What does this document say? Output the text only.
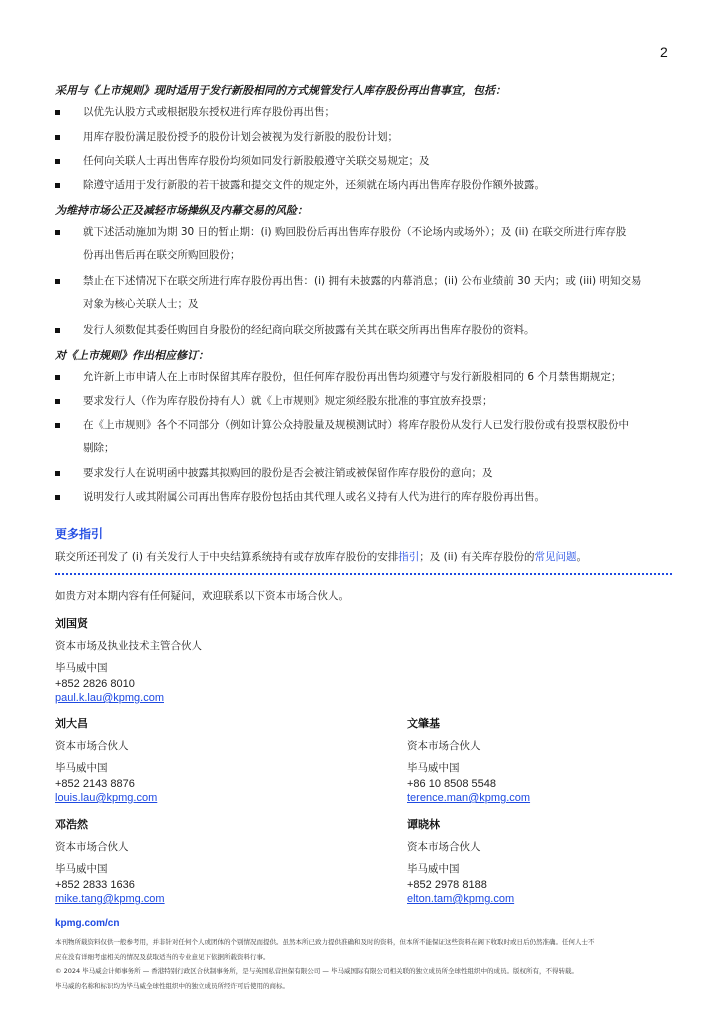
2
采用与《上市规则》现时适用于发行新股相同的方式规管发行人库存股份再出售事宜，包括：
以优先认股方式或根据股东授权进行库存股份再出售；
用库存股份满足股份授予的股份计划会被视为发行新股的股份计划；
任何向关联人士再出售库存股份均须如同发行新股般遵守关联交易规定；及
除遵守适用于发行新股的若干披露和提交文件的规定外，还须就在场内再出售库存股份作额外披露。
为维持市场公正及减轻市场操纵及内幕交易的风险：
就下述活动施加为期 30 日的暂止期：(i) 购回股份后再出售库存股份（不论场内或场外）；及 (ii) 在联交所进行库存股
份再出售后再在联交所购回股份；
禁止在下述情况下在联交所进行库存股份再出售：(i) 拥有未披露的内幕消息；(ii) 公布业绩前 30 天内；或 (iii) 明知交易
对象为核心关联人士；及
发行人须数促其委任购回自身股份的经纪商向联交所披露有关其在联交所再出售库存股份的资料。
对《上市规则》作出相应修订：
允许新上市申请人在上市时保留其库存股份，但任何库存股份再出售均须遵守与发行新股相同的 6 个月禁售期规定；
要求发行人（作为库存股份持有人）就《上市规则》规定须经股东批准的事宜放弃投票；
在《上市规则》各个不同部分（例如计算公众持股量及规模测试时）将库存股份从发行人已发行股份或有投票权股份中
剔除；
要求发行人在说明函中披露其拟购回的股份是否会被注销或被保留作库存股份的意向；及
说明发行人或其附属公司再出售库存股份包括由其代理人或名义持有人代为进行的库存股份再出售。
更多指引
联交所还刊发了 (i) 有关发行人于中央结算系统持有或存放库存股份的安排指引；及 (ii) 有关库存股份的常见问题。
如贵方对本期内容有任何疑问，欢迎联系以下资本市场合伙人。
刘国贤
资本市场及执业技术主管合伙人
毕马威中国
+852 2826 8010
paul.k.lau@kpmg.com
刘大昌
资本市场合伙人
毕马威中国
+852 2143 8876
louis.lau@kpmg.com
文肇基
资本市场合伙人
毕马威中国
+86 10 8508 5548
terence.man@kpmg.com
邓浩然
资本市场合伙人
毕马威中国
+852 2833 1636
mike.tang@kpmg.com
谭晓林
资本市场合伙人
毕马威中国
+852 2978 8188
elton.tam@kpmg.com
kpmg.com/cn
本刊物所载资料仅供一般参考用，并非针对任何个人或团体的个别情况而提供。虽然本所已致力提供准确和及时的资料，但本所不能保证这些资料在阁下收取时或日后仍然准确。任何人士不
应在没有详细考虑相关的情况及获取适当的专业意见下依据所载资料行事。
© 2024 毕马威会计师事务所 — 香港特别行政区合伙制事务所，是与英国私营担保有限公司 — 毕马威国际有限公司相关联的独立成员所全球性组织中的成员。版权所有，不得转载。
毕马威的名称和标识均为毕马威全球性组织中的独立成员所经许可后使用的商标。
